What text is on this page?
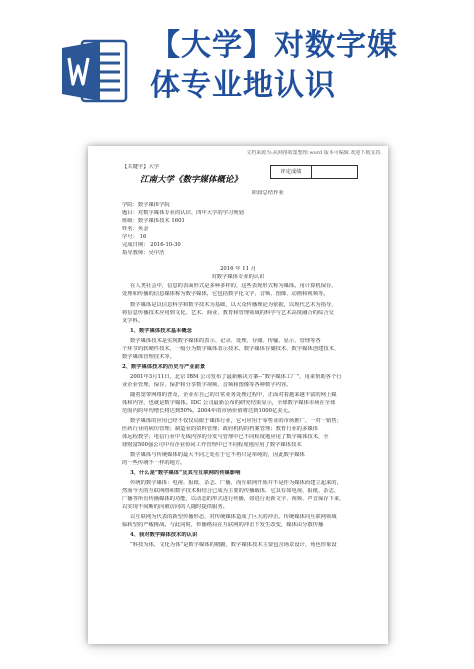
【大学】对数字媒
体专业地认识
文档来源为:从网络收集整理.word 版本可编辑.欢迎下载支持.
【关键字】大学
江南大学《数字媒体概论》
评定成绩
阶段总结作业
学院：数字媒体学院
题目：对数字媒体专业的认识、四年大学的学习规划
班级：数字媒体技术 1601
姓名：奂金
学号： 16
完成日期： 2016-10-30
指导教师：吴中浩
2016 年 11 月
对数字媒体专业的认识
在人类社会中，信息的表面形式是多种多样的，这些表现形式称为媒体。用计算机保存、
处理和传播的信息媒体称为数字媒体，它包括数字化文字、音频、图像、动画和视频等。
数字媒体是以信息科学和数字技术为基础，以大众传播理论为依据，以现代艺术为指导，
将信息传播技术应用到文化、艺术、商业、教育和管理领域的科学与艺术高度融合的综合交
叉学科。
1、数字媒体技术基本概念
数字媒体技术是实现数字媒体的表示、记录、处理、存储、传输、显示、管理等各
个环节的软硬件技术，一般分为数字媒体表示技术、数字媒体存储技术、数字媒体创建技术、
数字媒体管理技术等。
2、数字媒体技术的历史与产业前景
2001年3月11日，北京 IBM 公司发布了最新解决方案--“数字媒体工厂”，用来帮助各个行
业企业管理、保存、保护和分享数字视频、音频和图像等各种数字内容。
随着宽带网络的普及，企业在自己的日常业务处理过程中，正面对着越来越丰富的网上媒
体和内容，也就是数字媒体。IDC 公司最新公布的研究结果显示，全球数字媒体市场在全球
范围内的年均增长将达到50%。2004年的市场价值将达到1000亿美元。
数字媒体的应用已经不仅仅局限于媒体行业，它可应用于零售业的市场推广、一对一销售；
医药行业的病历管理；制造业的资料管理；政府机构的档案管理；教育行业的多媒体
体远程教学；电信行业中无线内容的分发与管理中已不同程度地应用了数字媒体技术，全
球财富500强公司中有企业协同工作管理中已不同程度地应用了数字媒体技术
数字媒体与传统媒体的最大不同之处在于它不再只是单纯的，因此数字媒体
的一些传统不一样的地方。
3、什么是“数字媒体”及其与互联网的传媒影响
传统的数字媒体：电视、报纸、杂志、广播，而互联网开始并不是作为媒体而建立起来的，
然而今天的互联网络和数字技术相结合已成为主要的传播载体，它具有如电视、报纸、杂志、
广播等所有传播媒体的功能，以动态的形式进行传播，如进行更新文字、视频、声音保存下来，
以实现不间断的向被访问的人随时提供服务。
以互联网为代表的新型传播形态，对传统媒体造成了巨大的冲击，传统媒体向互联网领域
临转型的严峻挑战。与此同时，传播格局在互联网的冲击下发生改变，媒体由分散传播
4、我对数字媒体技术的认识
“科技为体，文化为体”是数字媒体的精髓，数字媒体技术主要包含场景设计、角色形象设
